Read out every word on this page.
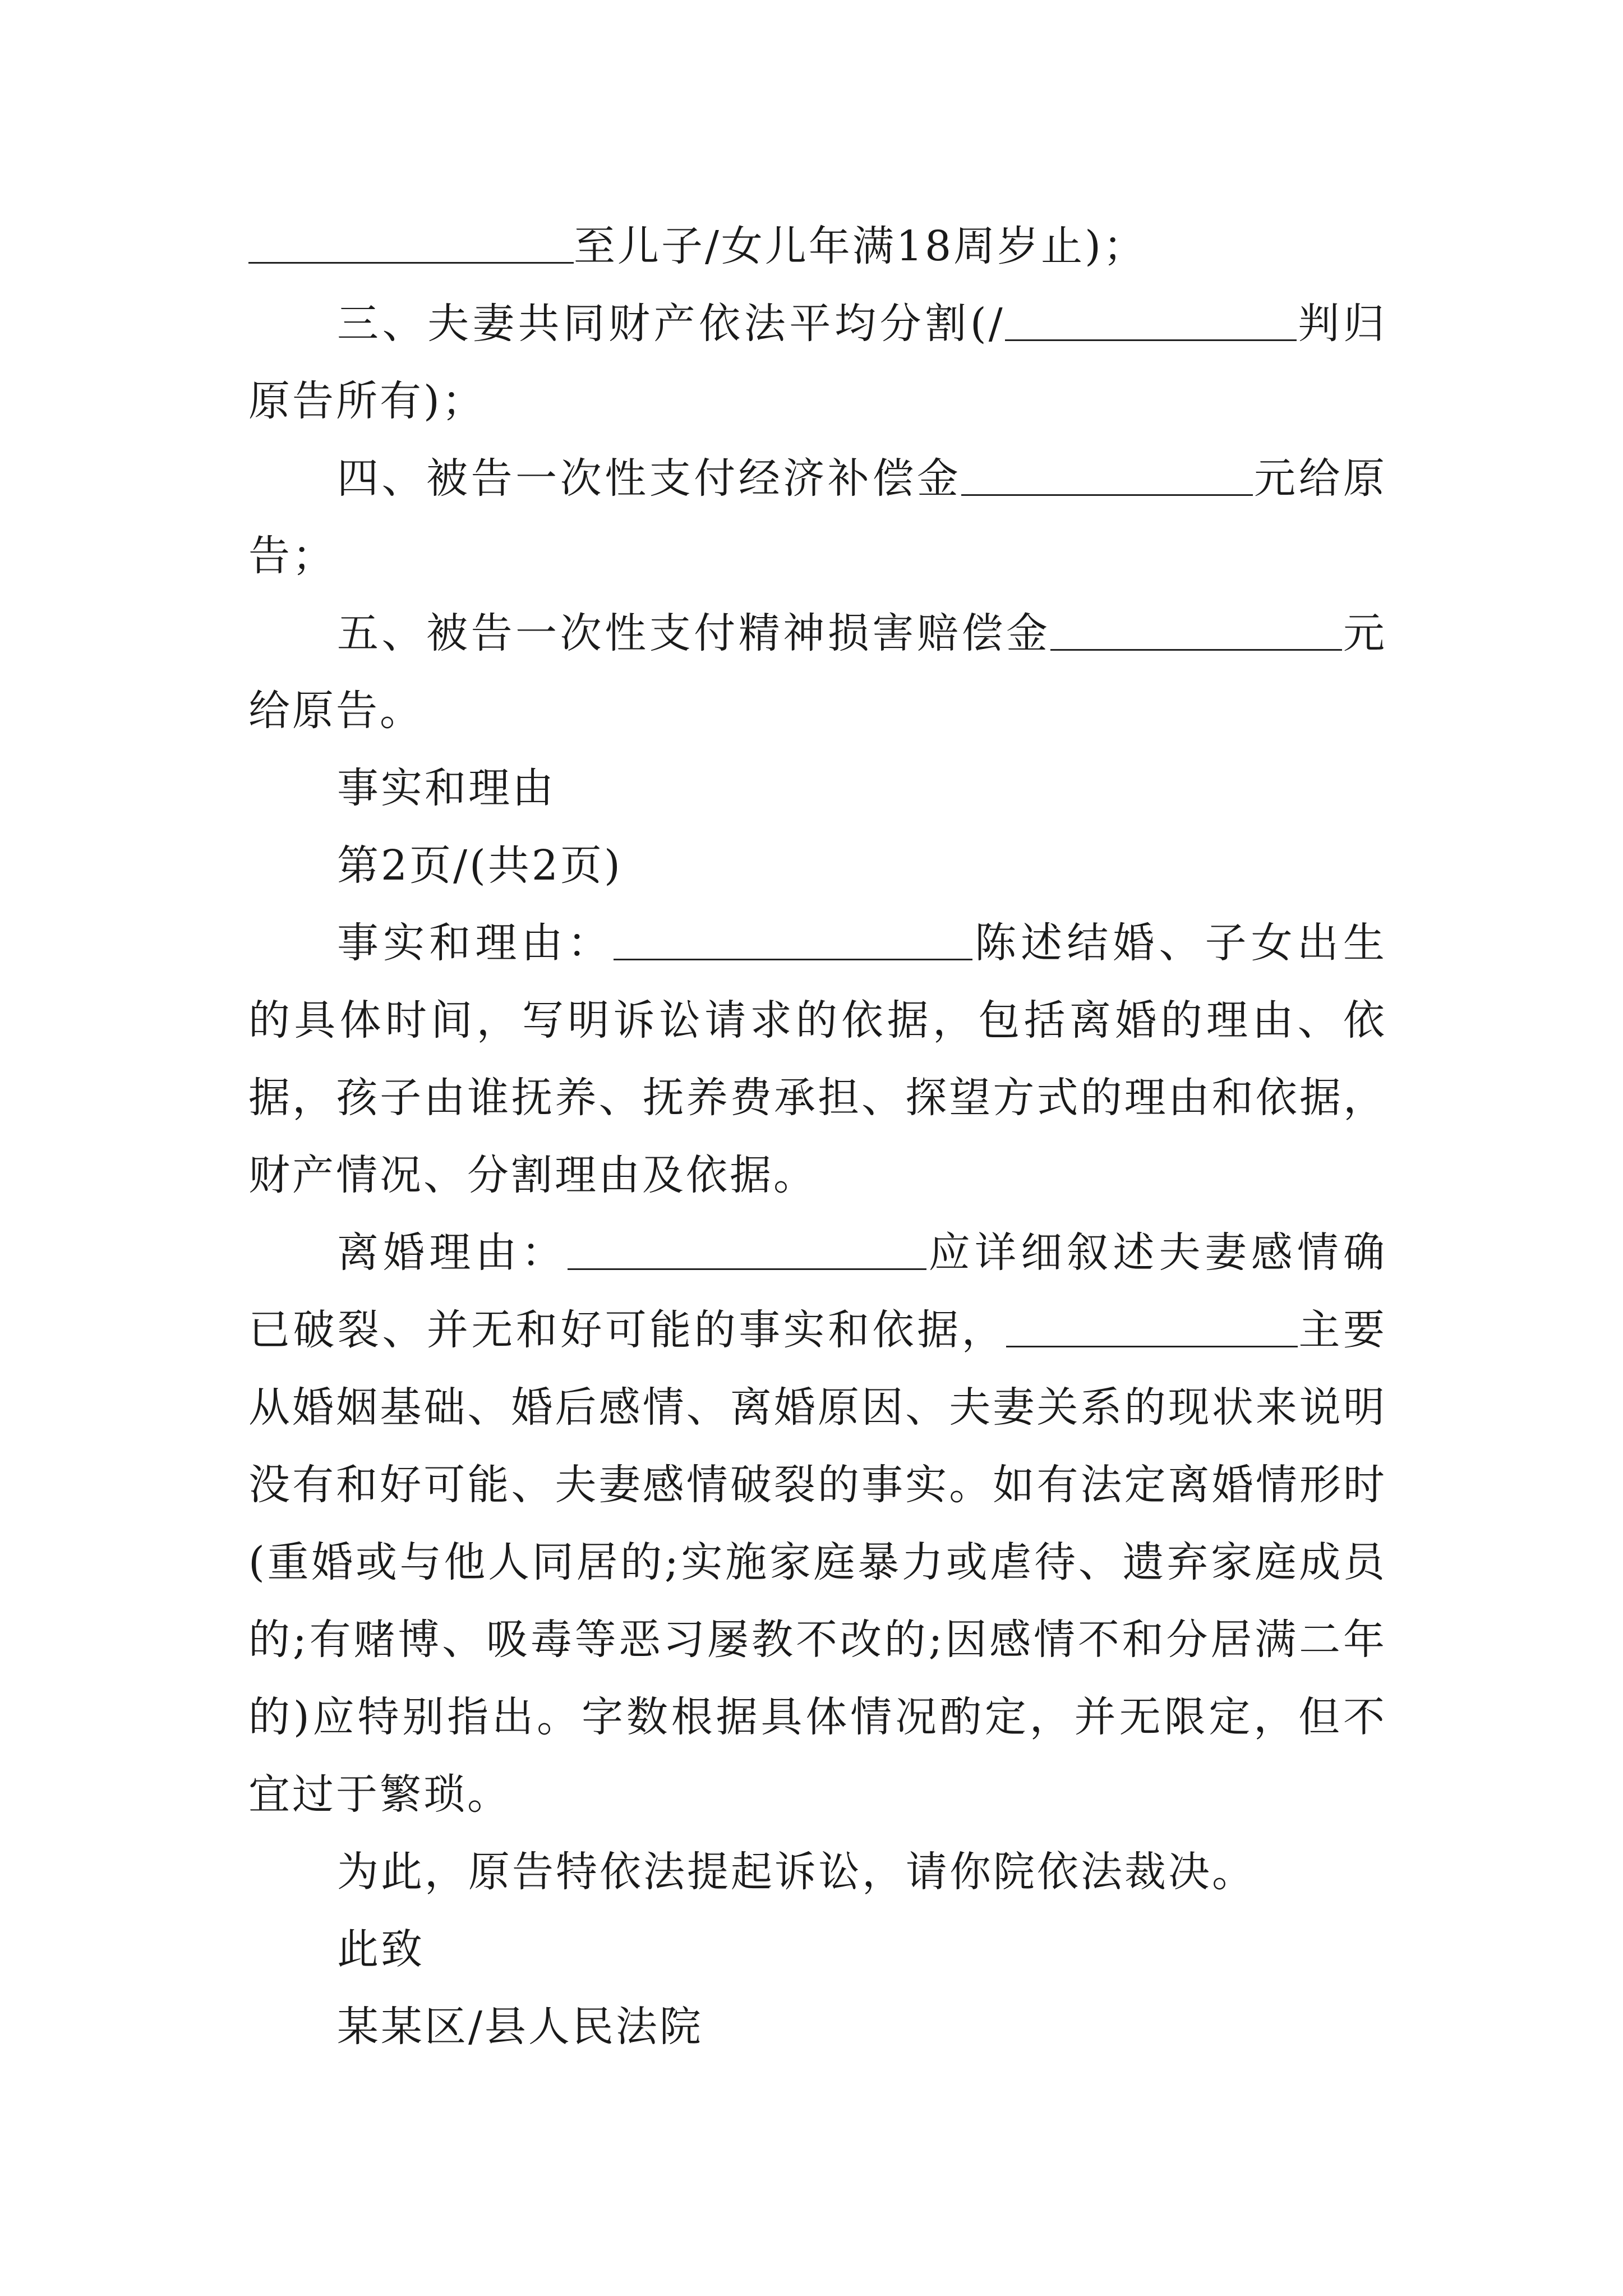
至儿子/女儿年满18周岁止)；

三、夫妻共同财产依法平均分割(/	判归原告所有)；

四、被告一次性支付经济补偿金	元给原告；

五、被告一次性支付精神损害赔偿金	元给原告。

事实和理由

第2页/(共2页)

事实和理由：	陈述结婚、子女出生的具体时间，写明诉讼请求的依据，包括离婚的理由、依据，孩子由谁抚养、抚养费承担、探望方式的理由和依据，财产情况、分割理由及依据。

离婚理由：	应详细叙述夫妻感情确已破裂、并无和好可能的事实和依据，	主要从婚姻基础、婚后感情、离婚原因、夫妻关系的现状来说明没有和好可能、夫妻感情破裂的事实。如有法定离婚情形时(重婚或与他人同居的;实施家庭暴力或虐待、遗弃家庭成员的;有赌博、吸毒等恶习屡教不改的;因感情不和分居满二年的)应特别指出。字数根据具体情况酌定，并无限定，但不宜过于繁琐。

为此，原告特依法提起诉讼，请你院依法裁决。

此致

某某区/县人民法院
